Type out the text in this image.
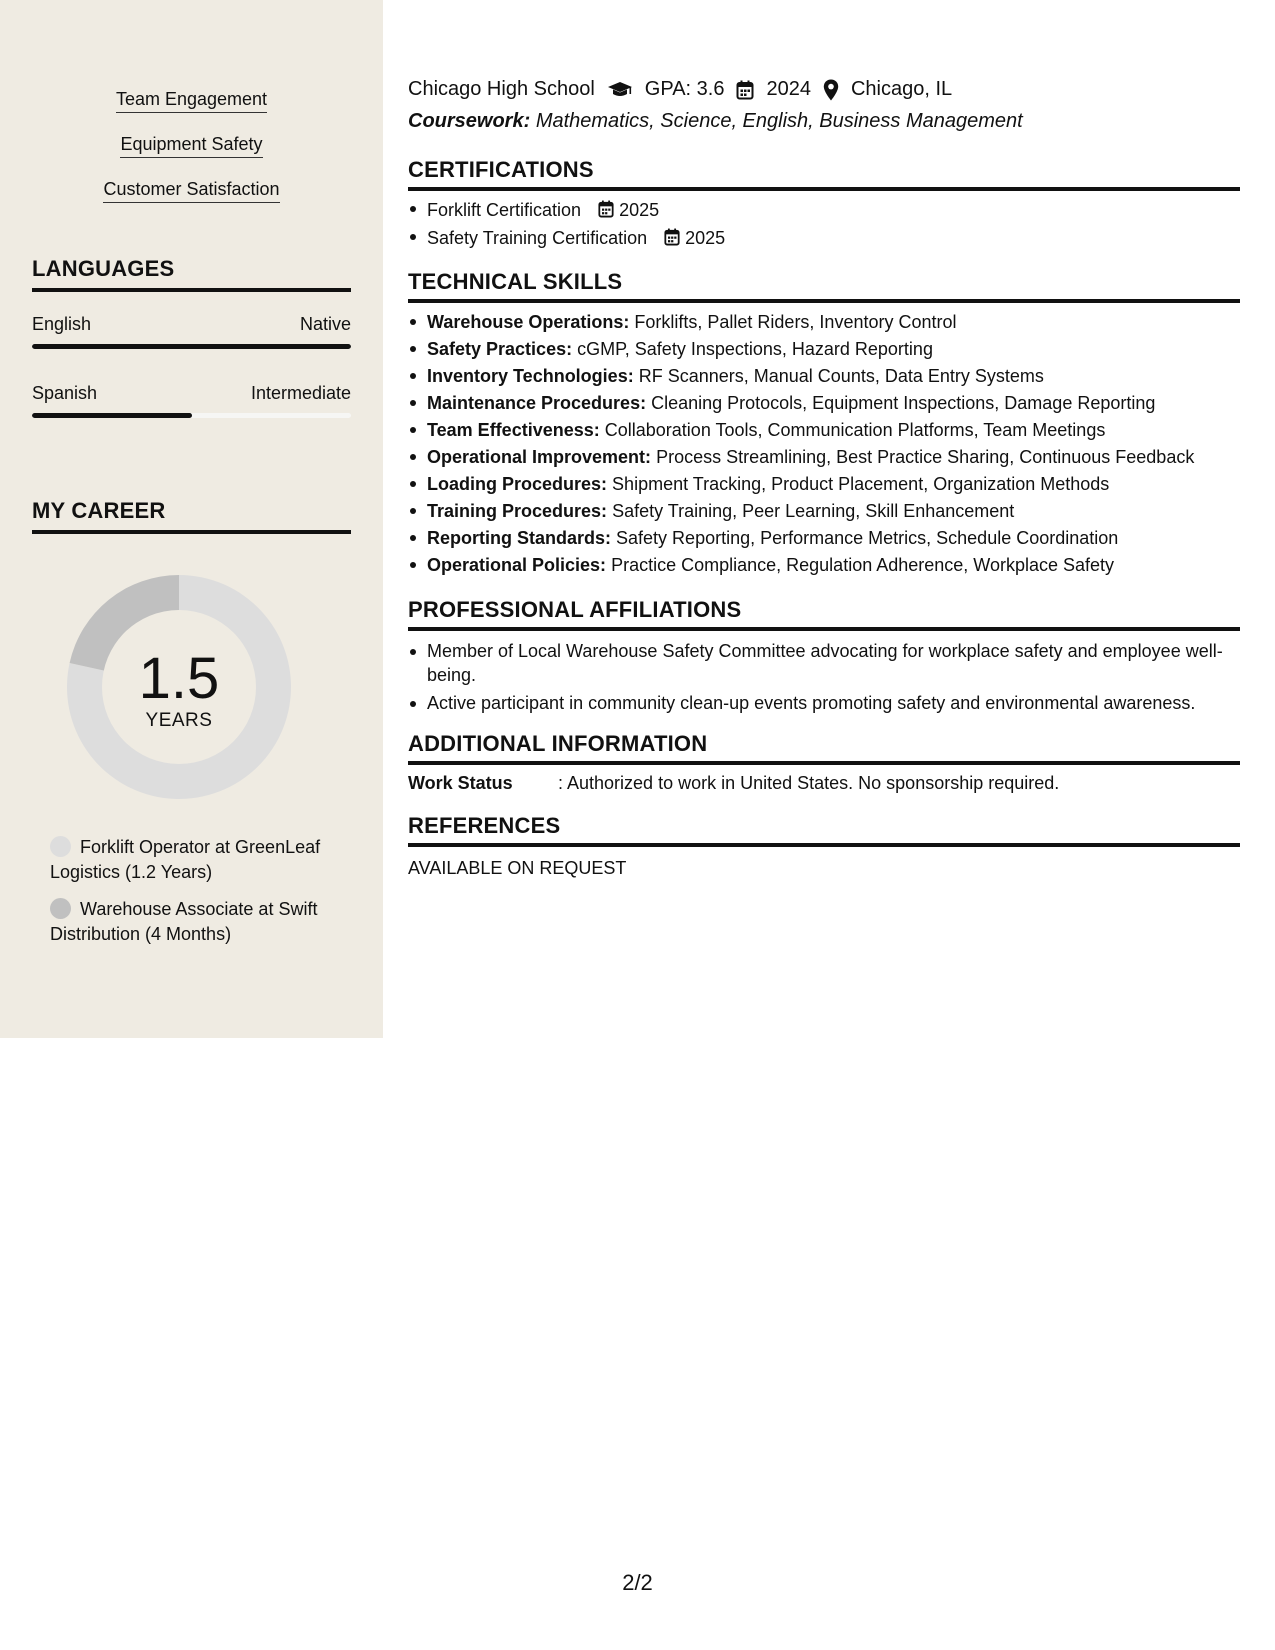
Team Engagement
Equipment Safety
Customer Satisfaction
LANGUAGES
English	Native
Spanish	Intermediate
MY CAREER
1.5
YEARS
Forklift Operator at GreenLeaf Logistics (1.2 Years)
Warehouse Associate at Swift Distribution (4 Months)
Chicago High School	GPA: 3.6 2024 Chicago, IL
Coursework: Mathematics, Science, English, Business Management
CERTIFICATIONS
Forklift Certification 2025
Safety Training Certification 2025
TECHNICAL SKILLS
Warehouse Operations: Forklifts, Pallet Riders, Inventory Control
Safety Practices: cGMP, Safety Inspections, Hazard Reporting
Inventory Technologies: RF Scanners, Manual Counts, Data Entry Systems
Maintenance Procedures: Cleaning Protocols, Equipment Inspections, Damage Reporting
Team Effectiveness: Collaboration Tools, Communication Platforms, Team Meetings
Operational Improvement: Process Streamlining, Best Practice Sharing, Continuous Feedback
Loading Procedures: Shipment Tracking, Product Placement, Organization Methods
Training Procedures: Safety Training, Peer Learning, Skill Enhancement
Reporting Standards: Safety Reporting, Performance Metrics, Schedule Coordination
Operational Policies: Practice Compliance, Regulation Adherence, Workplace Safety
PROFESSIONAL AFFILIATIONS
Member of Local Warehouse Safety Committee advocating for workplace safety and employee well-being.
Active participant in community clean-up events promoting safety and environmental awareness.
ADDITIONAL INFORMATION
Work Status	: Authorized to work in United States. No sponsorship required.
REFERENCES
AVAILABLE ON REQUEST
2/2
